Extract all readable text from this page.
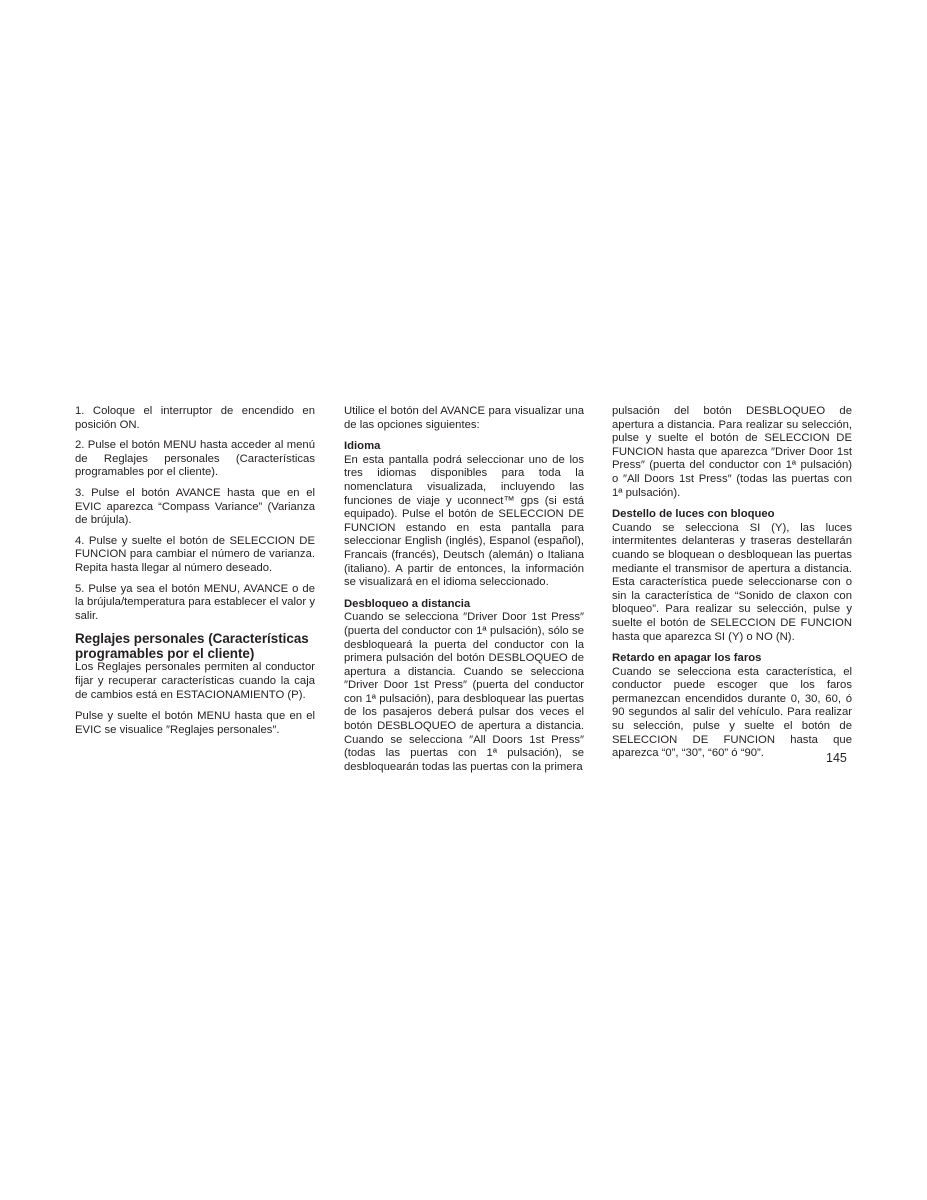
1. Coloque el interruptor de encendido en posición ON.

2. Pulse el botón MENU hasta acceder al menú de Reglajes personales (Características programables por el cliente).

3. Pulse el botón AVANCE hasta que en el EVIC aparezca “Compass Variance” (Varianza de brújula).

4. Pulse y suelte el botón de SELECCION DE FUNCION para cambiar el número de varianza. Repita hasta llegar al número deseado.

5. Pulse ya sea el botón MENU, AVANCE o de la brújula/temperatura para establecer el valor y salir.

Reglajes personales (Características programables por el cliente)

Los Reglajes personales permiten al conductor fijar y recuperar características cuando la caja de cambios está en ESTACIONAMIENTO (P).

Pulse y suelte el botón MENU hasta que en el EVIC se visualice ″Reglajes personales″.

Utilice el botón del AVANCE para visualizar una de las opciones siguientes:

Idioma

En esta pantalla podrá seleccionar uno de los tres idiomas disponibles para toda la nomenclatura visualizada, incluyendo las funciones de viaje y uconnect™ gps (si está equipado). Pulse el botón de SELECCION DE FUNCION estando en esta pantalla para seleccionar English (inglés), Espanol (español), Francais (francés), Deutsch (alemán) o Italiana (italiano). A partir de entonces, la información se visualizará en el idioma seleccionado.

Desbloqueo a distancia

Cuando se selecciona ″Driver Door 1st Press″ (puerta del conductor con 1ª pulsación), sólo se desbloqueará la puerta del conductor con la primera pulsación del botón DESBLOQUEO de apertura a distancia. Cuando se selecciona ″Driver Door 1st Press″ (puerta del conductor con 1ª pulsación), para desbloquear las puertas de los pasajeros deberá pulsar dos veces el botón DESBLOQUEO de apertura a distancia. Cuando se selecciona ″All Doors 1st Press″ (todas las puertas con 1ª pulsación), se desbloquearán todas las puertas con la primera

pulsación del botón DESBLOQUEO de apertura a distancia. Para realizar su selección, pulse y suelte el botón de SELECCION DE FUNCION hasta que aparezca ″Driver Door 1st Press″ (puerta del conductor con 1ª pulsación) o ″All Doors 1st Press″ (todas las puertas con 1ª pulsación).

Destello de luces con bloqueo

Cuando se selecciona SI (Y), las luces intermitentes delanteras y traseras destellarán cuando se bloquean o desbloquean las puertas mediante el transmisor de apertura a distancia. Esta característica puede seleccionarse con o sin la característica de “Sonido de claxon con bloqueo”. Para realizar su selección, pulse y suelte el botón de SELECCION DE FUNCION hasta que aparezca SI (Y) o NO (N).

Retardo en apagar los faros

Cuando se selecciona esta característica, el conductor puede escoger que los faros permanezcan encendidos durante 0, 30, 60, ó 90 segundos al salir del vehículo. Para realizar su selección, pulse y suelte el botón de SELECCION DE FUNCION hasta que aparezca “0”, “30”, “60” ó “90”.	145
